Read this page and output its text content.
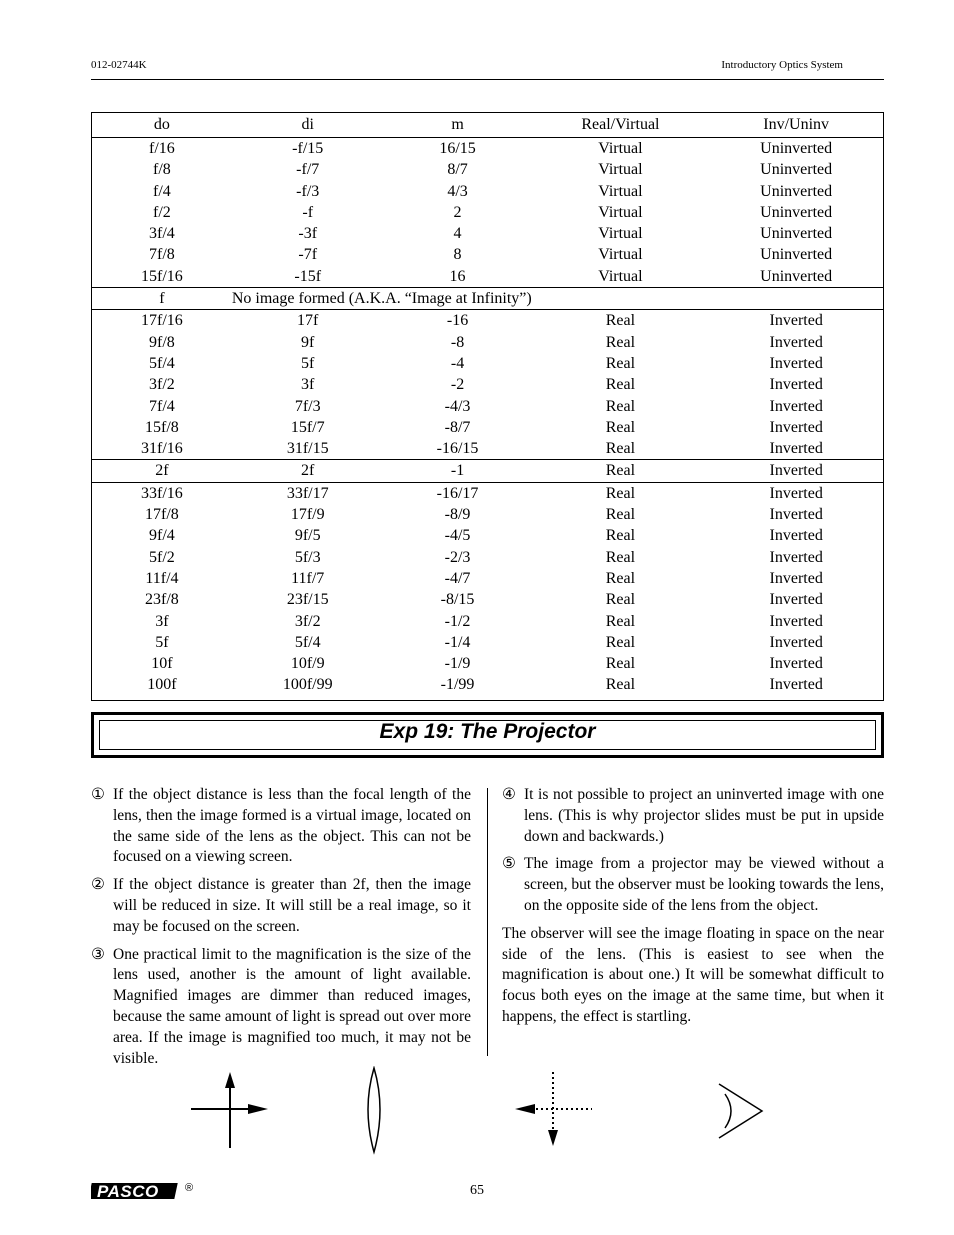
012-02744K	Introductory Optics System
do	di	m	Real/Virtual	Inv/Uninv
f/16	-f/15	16/15	Virtual	Uninverted
f/8	-f/7	8/7	Virtual	Uninverted
f/4	-f/3	4/3	Virtual	Uninverted
f/2	-f	2	Virtual	Uninverted
3f/4	-3f	4	Virtual	Uninverted
7f/8	-7f	8	Virtual	Uninverted
15f/16	-15f	16	Virtual	Uninverted
f	No image formed (A.K.A. “Image at Infinity”)			
17f/16	17f	-16	Real	Inverted
9f/8	9f	-8	Real	Inverted
5f/4	5f	-4	Real	Inverted
3f/2	3f	-2	Real	Inverted
7f/4	7f/3	-4/3	Real	Inverted
15f/8	15f/7	-8/7	Real	Inverted
31f/16	31f/15	-16/15	Real	Inverted
2f	2f	-1	Real	Inverted
33f/16	33f/17	-16/17	Real	Inverted
17f/8	17f/9	-8/9	Real	Inverted
9f/4	9f/5	-4/5	Real	Inverted
5f/2	5f/3	-2/3	Real	Inverted
11f/4	11f/7	-4/7	Real	Inverted
23f/8	23f/15	-8/15	Real	Inverted
3f	3f/2	-1/2	Real	Inverted
5f	5f/4	-1/4	Real	Inverted
10f	10f/9	-1/9	Real	Inverted
100f	100f/99	-1/99	Real	Inverted
Exp 19: The Projector
① If the object distance is less than the focal length of the lens, then the image formed is a virtual image, located on the same side of the lens as the object. This can not be focused on a viewing screen.
② If the object distance is greater than 2f, then the image will be reduced in size. It will still be a real image, so it may be focused on the screen.
③ One practical limit to the magnification is the size of the lens used, another is the amount of light available. Magnified images are dimmer than reduced images, because the same amount of light is spread out over more area. If the image is magnified too much, it may not be visible.
④ It is not possible to project an uninverted image with one lens. (This is why projector slides must be put in upside down and backwards.)
⑤ The image from a projector may be viewed without a screen, but the observer must be looking towards the lens, on the opposite side of the lens from the object.
The observer will see the image floating in space on the near side of the lens. (This is easiest to see when the magnification is about one.) It will be somewhat difficult to focus both eyes on the image at the same time, but when it happens, the effect is startling.
PASCO ®	65
